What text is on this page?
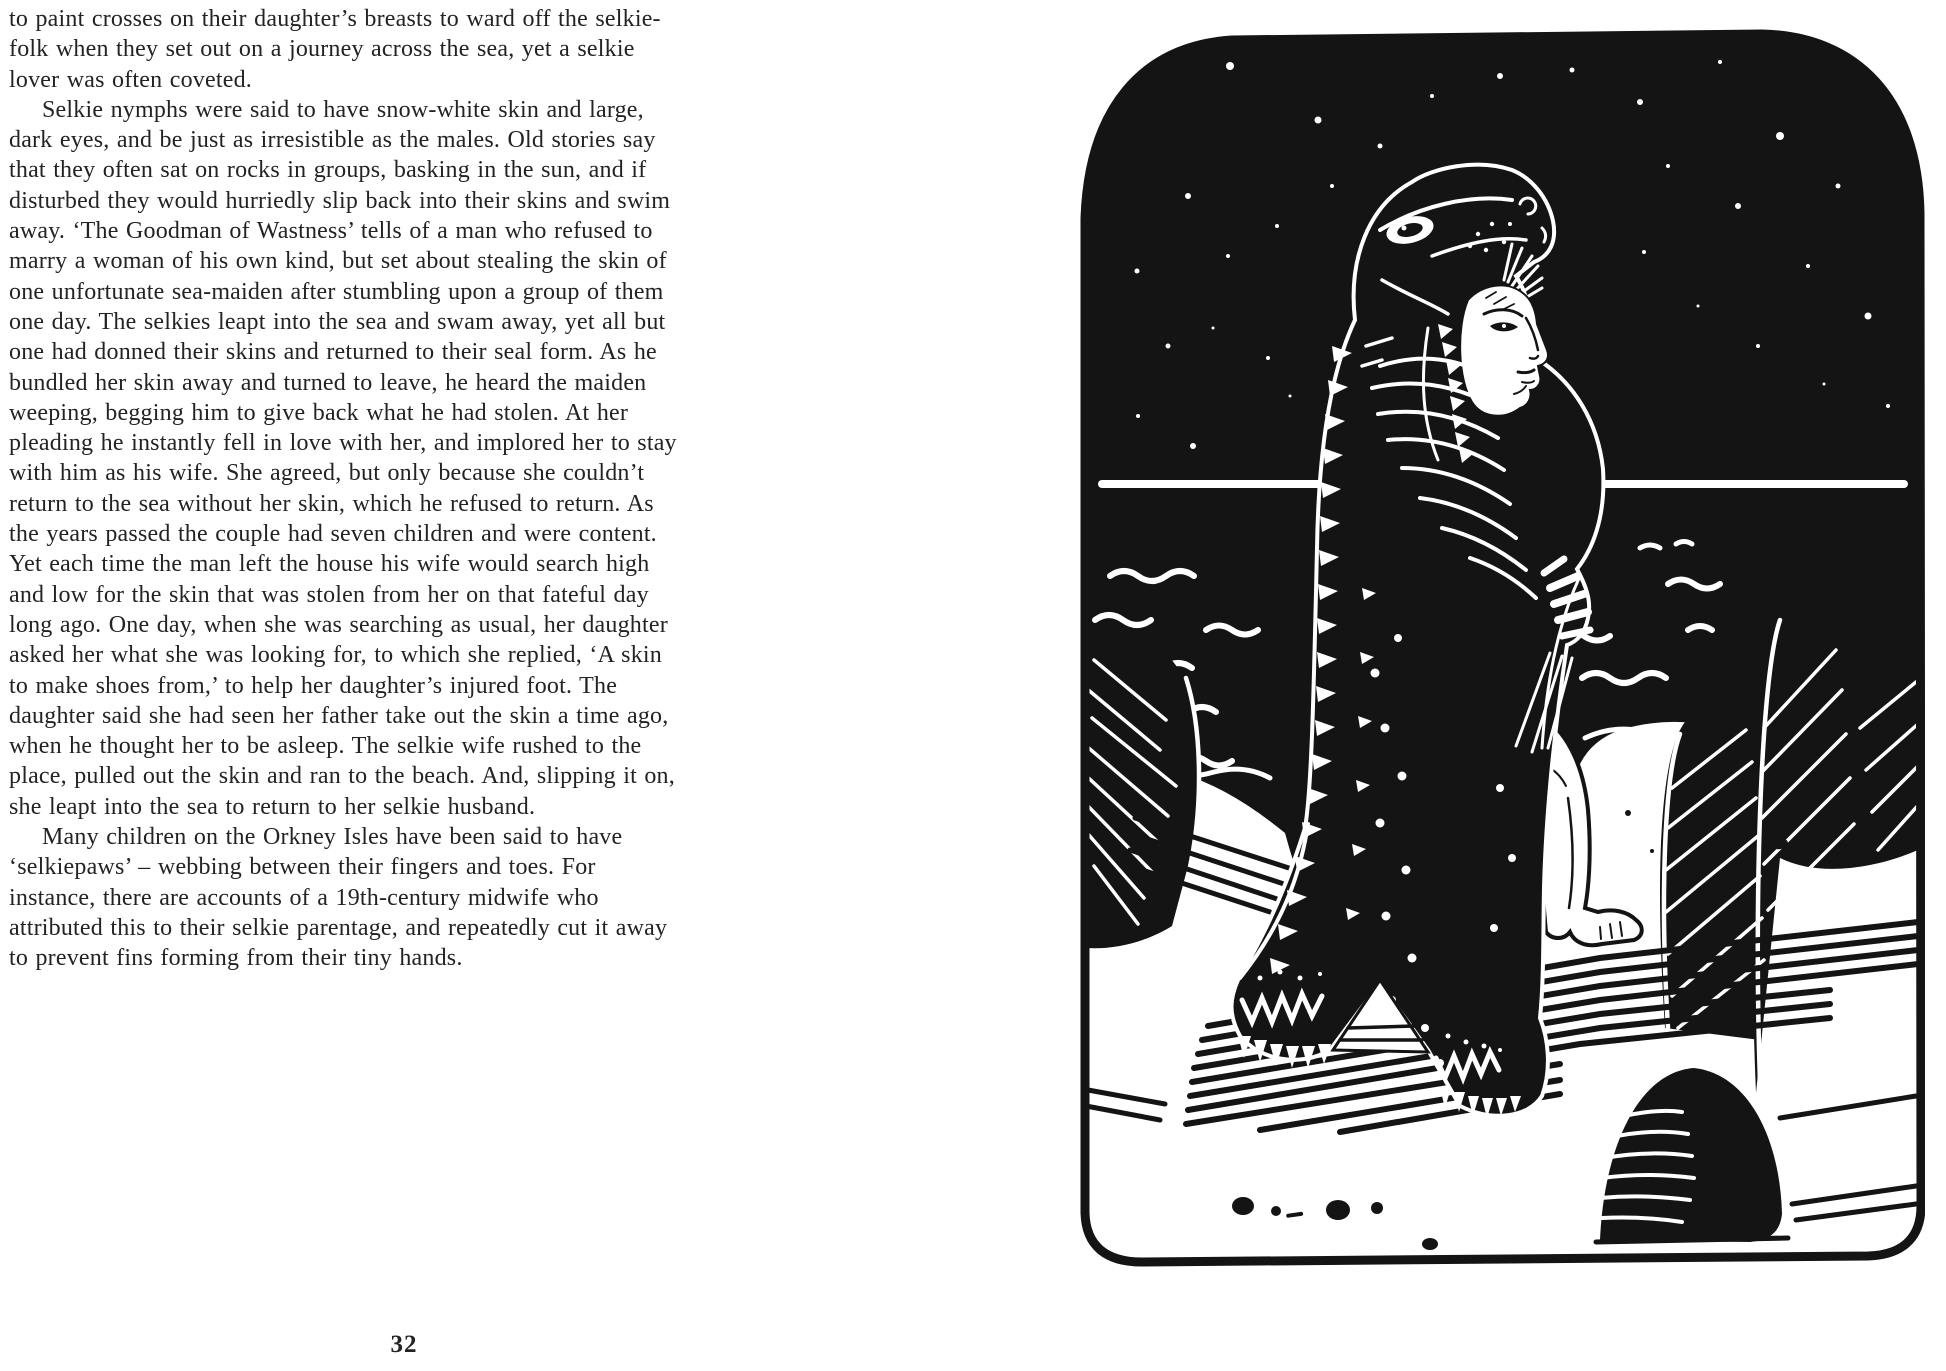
to paint crosses on their daughter’s breasts to ward off the selkie-
folk when they set out on a journey across the sea, yet a selkie
lover was often coveted.
Selkie nymphs were said to have snow-white skin and large,
dark eyes, and be just as irresistible as the males. Old stories say
that they often sat on rocks in groups, basking in the sun, and if
disturbed they would hurriedly slip back into their skins and swim
away. ‘The Goodman of Wastness’ tells of a man who refused to
marry a woman of his own kind, but set about stealing the skin of
one unfortunate sea-maiden after stumbling upon a group of them
one day. The selkies leapt into the sea and swam away, yet all but
one had donned their skins and returned to their seal form. As he
bundled her skin away and turned to leave, he heard the maiden
weeping, begging him to give back what he had stolen. At her
pleading he instantly fell in love with her, and implored her to stay
with him as his wife. She agreed, but only because she couldn’t
return to the sea without her skin, which he refused to return. As
the years passed the couple had seven children and were content.
Yet each time the man left the house his wife would search high
and low for the skin that was stolen from her on that fateful day
long ago. One day, when she was searching as usual, her daughter
asked her what she was looking for, to which she replied, ‘A skin
to make shoes from,’ to help her daughter’s injured foot. The
daughter said she had seen her father take out the skin a time ago,
when he thought her to be asleep. The selkie wife rushed to the
place, pulled out the skin and ran to the beach. And, slipping it on,
she leapt into the sea to return to her selkie husband.
Many children on the Orkney Isles have been said to have
‘selkiepaws’ – webbing between their fingers and toes. For
instance, there are accounts of a 19th-century midwife who
attributed this to their selkie parentage, and repeatedly cut it away
to prevent fins forming from their tiny hands.
32
